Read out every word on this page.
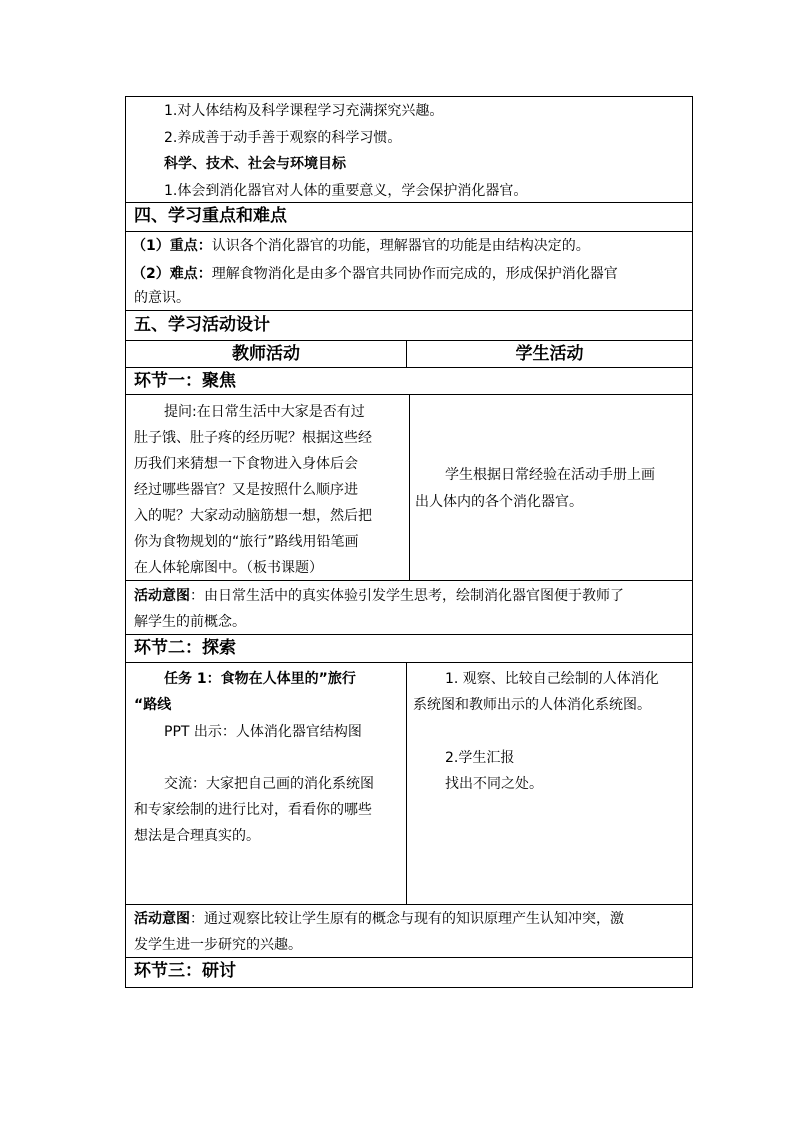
1.对人体结构及科学课程学习充满探究兴趣。
2.养成善于动手善于观察的科学习惯。
科学、技术、社会与环境目标
1.体会到消化器官对人体的重要意义，学会保护消化器官。
四、学习重点和难点
（1）重点：认识各个消化器官的功能，理解器官的功能是由结构决定的。
（2）难点：理解食物消化是由多个器官共同协作而完成的，形成保护消化器官
的意识。
五、学习活动设计
教师活动	学生活动
环节一：聚焦
提问:在日常生活中大家是否有过
肚子饿、肚子疼的经历呢？根据这些经
历我们来猜想一下食物进入身体后会
经过哪些器官？又是按照什么顺序进
入的呢？大家动动脑筋想一想，然后把
你为食物规划的“旅行”路线用铅笔画
在人体轮廓图中。（板书课题）
学生根据日常经验在活动手册上画
出人体内的各个消化器官。
活动意图：由日常生活中的真实体验引发学生思考，绘制消化器官图便于教师了
解学生的前概念。
环节二：探索
任务 1：食物在人体里的”旅行
“路线
PPT 出示：人体消化器官结构图
交流：大家把自己画的消化系统图
和专家绘制的进行比对，看看你的哪些
想法是合理真实的。
1. 观察、比较自己绘制的人体消化
系统图和教师出示的人体消化系统图。
2.学生汇报
找出不同之处。
活动意图：通过观察比较让学生原有的概念与现有的知识原理产生认知冲突，激
发学生进一步研究的兴趣。
环节三：研讨
